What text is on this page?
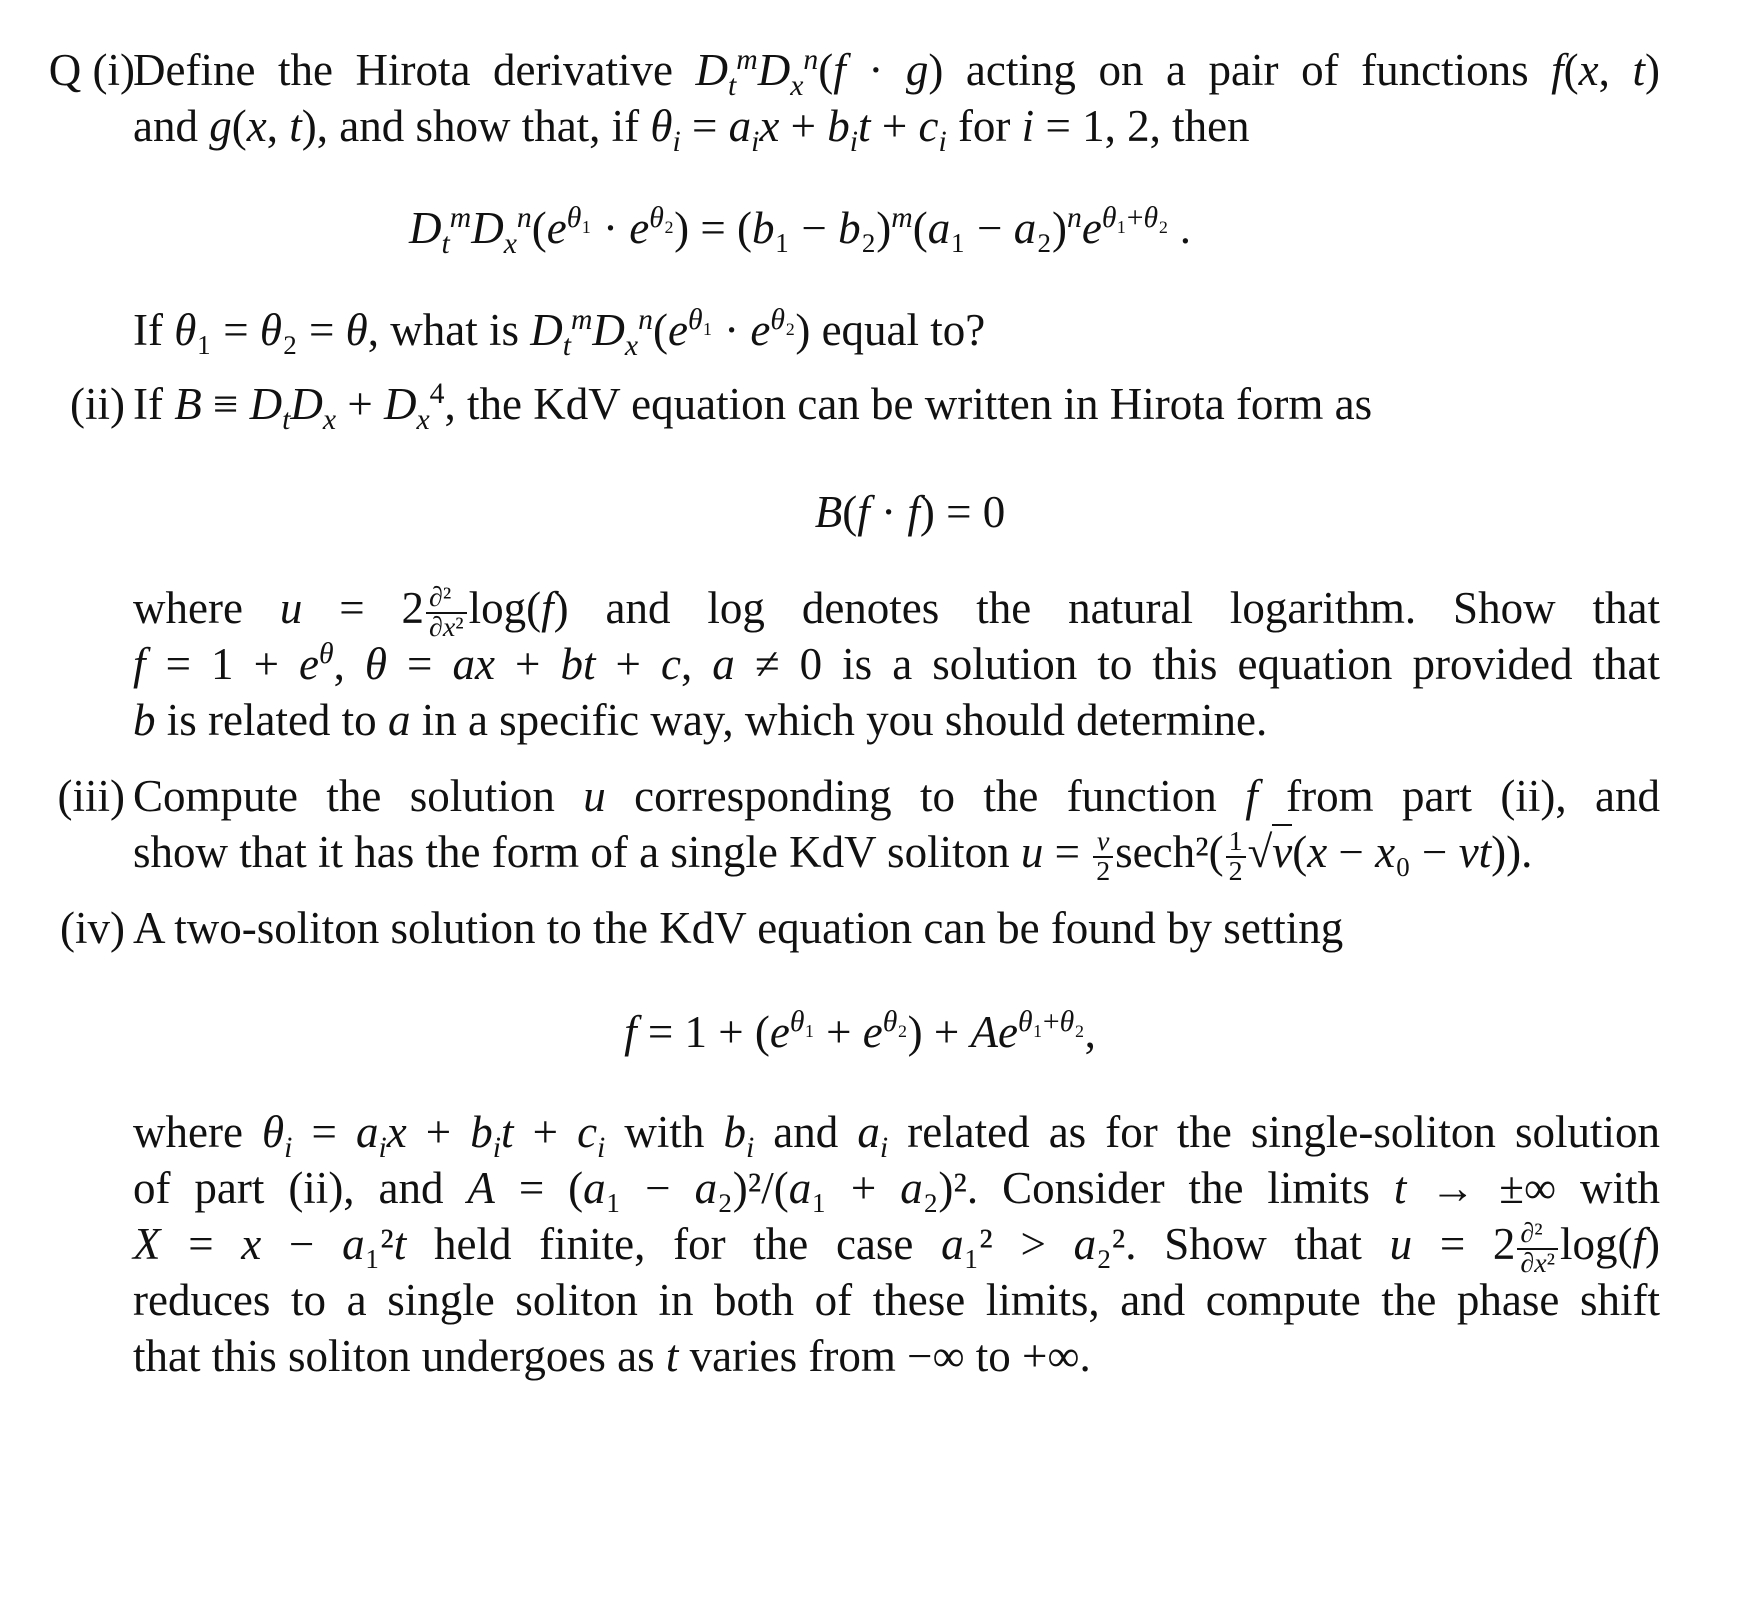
Q (i)
Define the Hirota derivative $D_t^mD_x^n(f \cdot g)$ acting on a pair of functions f(x, t)
and g(x, t), and show that, if $\theta_i = a_ix + b_it + c_i$ for i = 1, 2, then
$D_t^mD_x^n(e^{\theta_1} \cdot e^{\theta_2}) = (b_1 - b_2)^m(a_1 - a_2)^ne^{\theta_1+\theta_2}$ .
If θ₁ = θ₂ = θ, what is $D_t^mD_x^n(e^{\theta_1} \cdot e^{\theta_2})$ equal to?
(ii) If $B \equiv D_tD_x + D_x^4$, the KdV equation can be written in Hirota form as
B(f · f) = 0
where $u = 2 \frac{\text{∂²}}{\text{∂x²}} \log(f)$ and log denotes the natural logarithm. Show that
$f = 1 + e^\theta$, θ = ax + bt + c, a ≠ 0 is a solution to this equation provided that
b is related to a in a specific way, which you should determine.
(iii) Compute the solution u corresponding to the function f from part (ii), and
show that it has the form of a single KdV soliton $u = \frac{v}{2} \sec h^2( \frac{1}{2} √v(x - x_0 - vt))$.
(iv) A two-soliton solution to the KdV equation can be found by setting
$f = 1 + (e^{\theta_1} + e^{\theta_2}) + Ae^{\theta_1+\theta_2}$,
where $\theta_i = a_ix + b_it + c_i$ with $b_i$ and $a_i$ related as for the single-soliton solution
of part (ii), and A = (a₁ − a₂)²/(a₁ + a₂)². Consider the limits t → ±∞ with
X = x − a₁²t held finite, for the case a₁² > a₂². Show that $u = 2 \frac{\text{∂²}}{\text{∂x²}} \log(f)$
reduces to a single soliton in both of these limits, and compute the phase shift
that this soliton undergoes as t varies from −∞ to +∞.
